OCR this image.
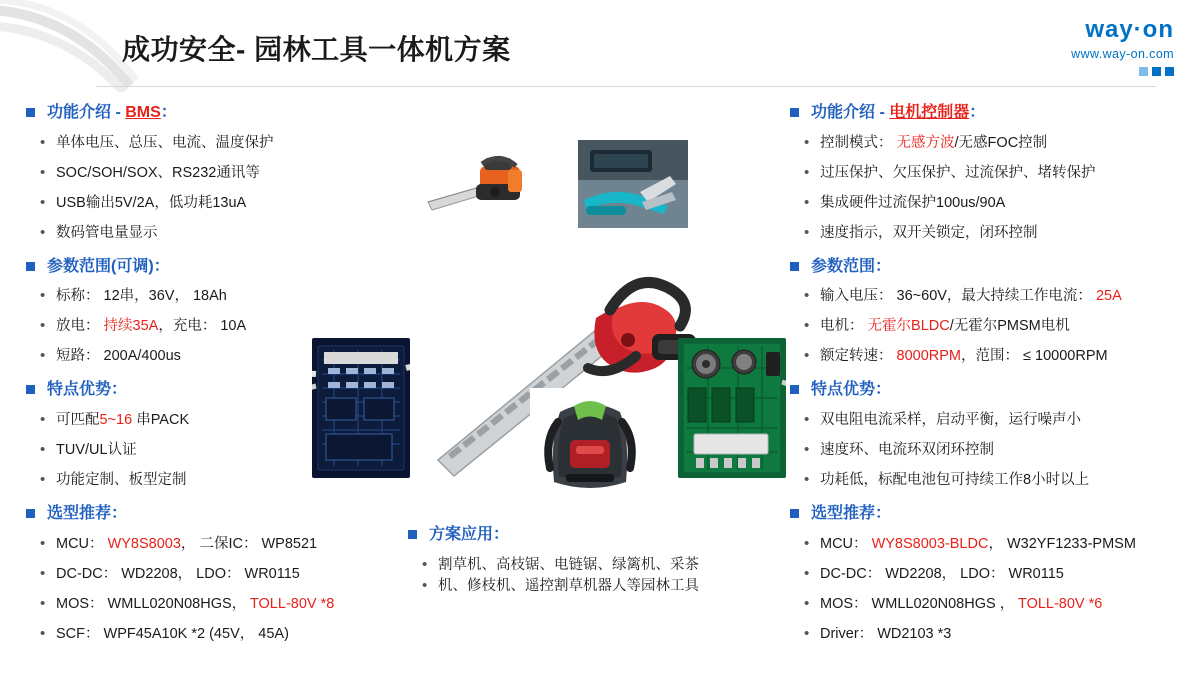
成功安全- 园林工具一体机方案
way·on
www.way-on.com
功能介绍 - BMS：
• 单体电压、总压、电流、温度保护
• SOC/SOH/SOX、RS232通讯等
• USB输出5V/2A，低功耗13uA
• 数码管电量显示
参数范围(可调)：
• 标称： 12串，36V， 18Ah
• 放电： 持续35A，充电： 10A
• 短路： 200A/400us
特点优势：
• 可匹配5~16 串PACK
• TUV/UL认证
• 功能定制、板型定制
选型推荐：
• MCU： WY8S8003， 二保IC： WP8521
• DC-DC： WD2208， LDO： WR0115
• MOS： WMLL020N08HGS， TOLL-80V *8
• SCF： WPF45A10K *2 (45V， 45A)
功能介绍 - 电机控制器：
• 控制模式： 无感方波/无感FOC控制
• 过压保护、欠压保护、过流保护、堵转保护
• 集成硬件过流保护100us/90A
• 速度指示，双开关锁定，闭环控制
参数范围：
• 输入电压： 36~60V，最大持续工作电流： 25A
• 电机： 无霍尔BLDC/无霍尔PMSM电机
• 额定转速： 8000RPM，范围： ≤ 10000RPM
特点优势：
• 双电阻电流采样，启动平衡，运行噪声小
• 速度环、电流环双闭环控制
• 功耗低，标配电池包可持续工作8小时以上
选型推荐：
• MCU： WY8S8003-BLDC， W32YF1233-PMSM
• DC-DC： WD2208， LDO： WR0115
• MOS： WMLL020N08HGS ， TOLL-80V *6
• Driver： WD2103 *3
方案应用：
• 割草机、高枝锯、电链锯、绿篱机、采茶
• 机、修枝机、遥控割草机器人等园林工具
